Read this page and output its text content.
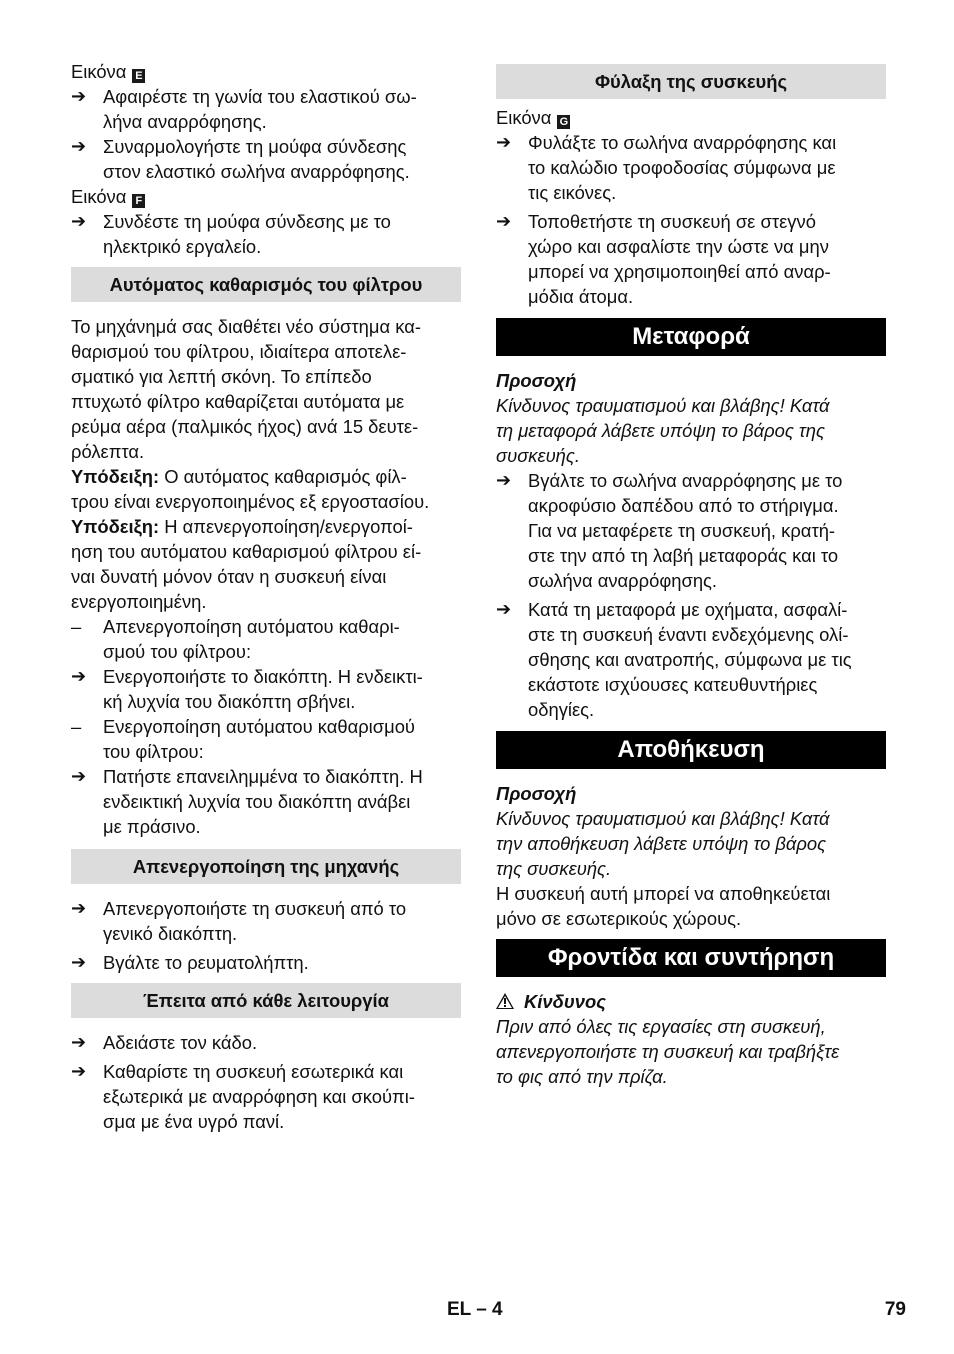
Εικόνα E
➔ Αφαιρέστε τη γωνία του ελαστικού σω-
λήνα αναρρόφησης.
➔ Συναρμολογήστε τη μούφα σύνδεσης
στον ελαστικό σωλήνα αναρρόφησης.
Εικόνα F
➔ Συνδέστε τη μούφα σύνδεσης με το
ηλεκτρικό εργαλείο.
Αυτόματος καθαρισμός του φίλτρου
Το μηχάνημά σας διαθέτει νέο σύστημα κα-
θαρισμού του φίλτρου, ιδιαίτερα αποτελε-
σματικό για λεπτή σκόνη. Το επίπεδο
πτυχωτό φίλτρο καθαρίζεται αυτόματα με
ρεύμα αέρα (παλμικός ήχος) ανά 15 δευτε-
ρόλεπτα.
Υπόδειξη: Ο αυτόματος καθαρισμός φίλ-
τρου είναι ενεργοποιημένος εξ εργοστασίου.
Υπόδειξη: Η απενεργοποίηση/ενεργοποί-
ηση του αυτόματου καθαρισμού φίλτρου εί-
ναι δυνατή μόνον όταν η συσκευή είναι
ενεργοποιημένη.
– Απενεργοποίηση αυτόματου καθαρι-
σμού του φίλτρου:
➔ Ενεργοποιήστε το διακόπτη. Η ενδεικτι-
κή λυχνία του διακόπτη σβήνει.
– Ενεργοποίηση αυτόματου καθαρισμού
του φίλτρου:
➔ Πατήστε επανειλημμένα το διακόπτη. Η
ενδεικτική λυχνία του διακόπτη ανάβει
με πράσινο.
Απενεργοποίηση της μηχανής
➔ Απενεργοποιήστε τη συσκευή από το
γενικό διακόπτη.
➔ Βγάλτε το ρευματολήπτη.
Έπειτα από κάθε λειτουργία
➔ Αδειάστε τον κάδο.
➔ Καθαρίστε τη συσκευή εσωτερικά και
εξωτερικά με αναρρόφηση και σκούπι-
σμα με ένα υγρό πανί.
Φύλαξη της συσκευής
Εικόνα G
➔ Φυλάξτε το σωλήνα αναρρόφησης και
το καλώδιο τροφοδοσίας σύμφωνα με
τις εικόνες.
➔ Τοποθετήστε τη συσκευή σε στεγνό
χώρο και ασφαλίστε την ώστε να μην
μπορεί να χρησιμοποιηθεί από αναρ-
μόδια άτομα.
Μεταφορά
Προσοχή
Κίνδυνος τραυματισμού και βλάβης! Κατά
τη μεταφορά λάβετε υπόψη το βάρος της
συσκευής.
➔ Βγάλτε το σωλήνα αναρρόφησης με το
ακροφύσιο δαπέδου από το στήριγμα.
Για να μεταφέρετε τη συσκευή, κρατή-
στε την από τη λαβή μεταφοράς και το
σωλήνα αναρρόφησης.
➔ Κατά τη μεταφορά με οχήματα, ασφαλί-
στε τη συσκευή έναντι ενδεχόμενης ολί-
σθησης και ανατροπής, σύμφωνα με τις
εκάστοτε ισχύουσες κατευθυντήριες
οδηγίες.
Αποθήκευση
Προσοχή
Κίνδυνος τραυματισμού και βλάβης! Κατά
την αποθήκευση λάβετε υπόψη το βάρος
της συσκευής.
Η συσκευή αυτή μπορεί να αποθηκεύεται
μόνο σε εσωτερικούς χώρους.
Φροντίδα και συντήρηση
Κίνδυνος
Πριν από όλες τις εργασίες στη συσκευή,
απενεργοποιήστε τη συσκευή και τραβήξτε
το φις από την πρίζα.
EL – 4	79
